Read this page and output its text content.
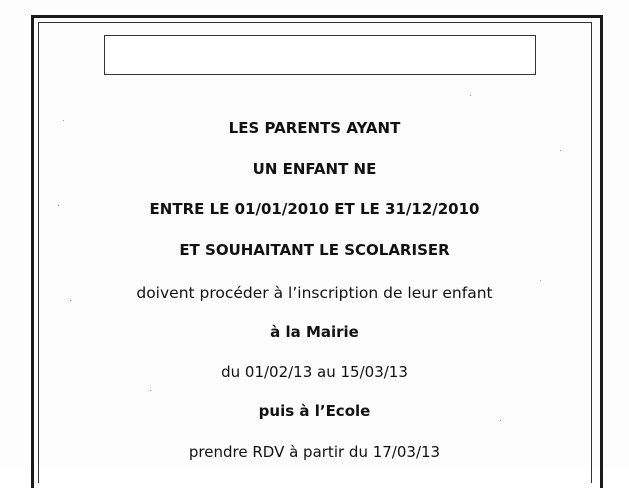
LES PARENTS AYANT
UN ENFANT NE
ENTRE LE 01/01/2010 ET LE 31/12/2010
ET SOUHAITANT LE SCOLARISER
doivent procéder à l’inscription de leur enfant
à la Mairie
du 01/02/13 au 15/03/13
puis à l’Ecole
prendre RDV à partir du 17/03/13
